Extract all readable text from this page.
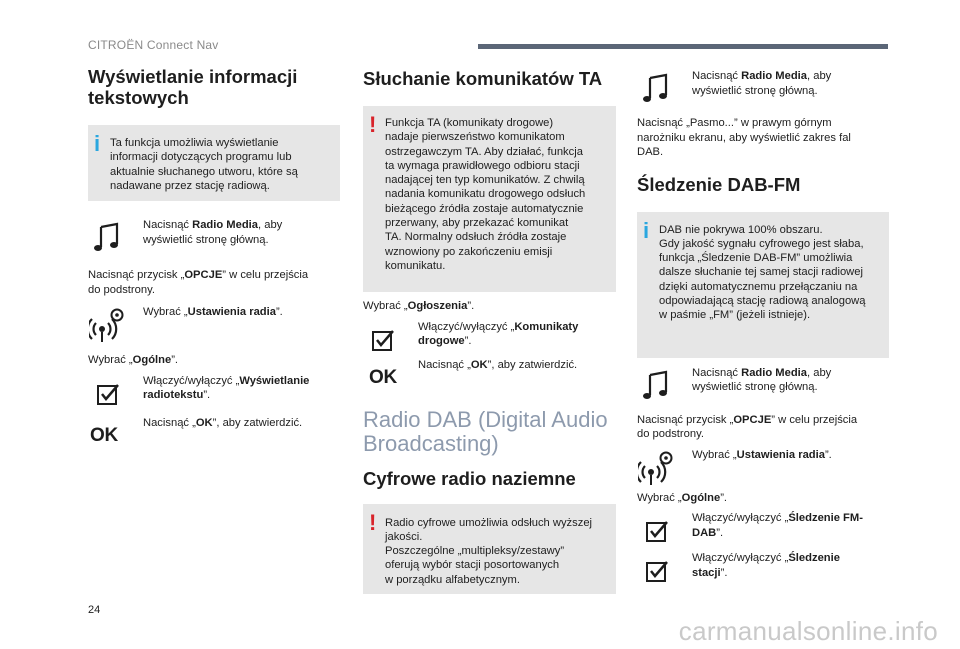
CITROËN Connect Nav
Wyświetlanie informacji
tekstowych
i Ta funkcja umożliwia wyświetlanie
informacji dotyczących programu lub
aktualnie słuchanego utworu, które są
nadawane przez stację radiową.
Nacisnąć Radio Media, aby
wyświetlić stronę główną.

Nacisnąć przycisk „OPCJE” w celu przejścia
do podstrony.

Wybrać „Ustawienia radia”.

Wybrać „Ogólne”.

Włączyć/wyłączyć „Wyświetlanie
radiotekstu”.
OK
Nacisnąć „OK”, aby zatwierdzić.
Słuchanie komunikatów TA
! Funkcja TA (komunikaty drogowe)
nadaje pierwszeństwo komunikatom
ostrzegawczym TA. Aby działać, funkcja
ta wymaga prawidłowego odbioru stacji
nadającej ten typ komunikatów. Z chwilą
nadania komunikatu drogowego odsłuch
bieżącego źródła zostaje automatycznie
przerwany, aby przekazać komunikat
TA. Normalny odsłuch źródła zostaje
wznowiony po zakończeniu emisji
komunikatu.

Wybrać „Ogłoszenia”.

Włączyć/wyłączyć „Komunikaty
drogowe”.
OK
Nacisnąć „OK”, aby zatwierdzić.
Radio DAB (Digital Audio
Broadcasting)
Cyfrowe radio naziemne
! Radio cyfrowe umożliwia odsłuch wyższej
jakości.
Poszczególne „multipleksy/zestawy”
oferują wybór stacji posortowanych
w porządku alfabetycznym.
Nacisnąć Radio Media, aby
wyświetlić stronę główną.

Nacisnąć „Pasmo...” w prawym górnym
narożniku ekranu, aby wyświetlić zakres fal
DAB.

Śledzenie DAB-FM
i DAB nie pokrywa 100% obszaru.
Gdy jakość sygnału cyfrowego jest słaba,
funkcja „Śledzenie DAB-FM” umożliwia
dalsze słuchanie tej samej stacji radiowej
dzięki automatycznemu przełączaniu na
odpowiadającą stację radiową analogową
w paśmie „FM” (jeżeli istnieje).
Nacisnąć Radio Media, aby
wyświetlić stronę główną.

Nacisnąć przycisk „OPCJE” w celu przejścia
do podstrony.

Wybrać „Ustawienia radia”.

Wybrać „Ogólne”.

Włączyć/wyłączyć „Śledzenie FM-
DAB”.
Włączyć/wyłączyć „Śledzenie
stacji”.
24
carmanualsonline.info
